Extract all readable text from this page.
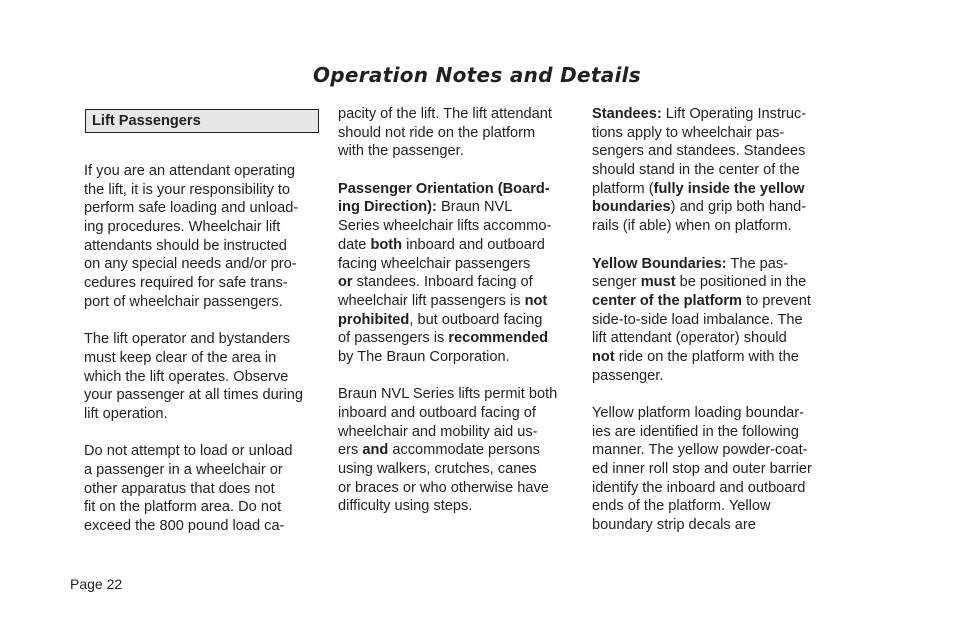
Operation Notes and Details
Lift Passengers
If you are an attendant operating
the lift, it is your responsibility to
perform safe loading and unload-
ing procedures. Wheelchair lift
attendants should be instructed
on any special needs and/or pro-
cedures required for safe trans-
port of wheelchair passengers.
The lift operator and bystanders
must keep clear of the area in
which the lift operates. Observe
your passenger at all times during
lift operation.
Do not attempt to load or unload
a passenger in a wheelchair or
other apparatus that does not
fit on the platform area. Do not
exceed the 800 pound load ca-
pacity of the lift. The lift attendant
should not ride on the platform
with the passenger.
Passenger Orientation (Board-
ing Direction): Braun NVL
Series wheelchair lifts accommo-
date both inboard and outboard
facing wheelchair passengers
or standees. Inboard facing of
wheelchair lift passengers is not
prohibited, but outboard facing
of passengers is recommended
by The Braun Corporation.
Braun NVL Series lifts permit both
inboard and outboard facing of
wheelchair and mobility aid us-
ers and accommodate persons
using walkers, crutches, canes
or braces or who otherwise have
difficulty using steps.
Standees: Lift Operating Instruc-
tions apply to wheelchair pas-
sengers and standees. Standees
should stand in the center of the
platform (fully inside the yellow
boundaries) and grip both hand-
rails (if able) when on platform.
Yellow Boundaries: The pas-
senger must be positioned in the
center of the platform to prevent
side-to-side load imbalance. The
lift attendant (operator) should
not ride on the platform with the
passenger.
Yellow platform loading boundar-
ies are identified in the following
manner. The yellow powder-coat-
ed inner roll stop and outer barrier
identify the inboard and outboard
ends of the platform. Yellow
boundary strip decals are
Page 22
